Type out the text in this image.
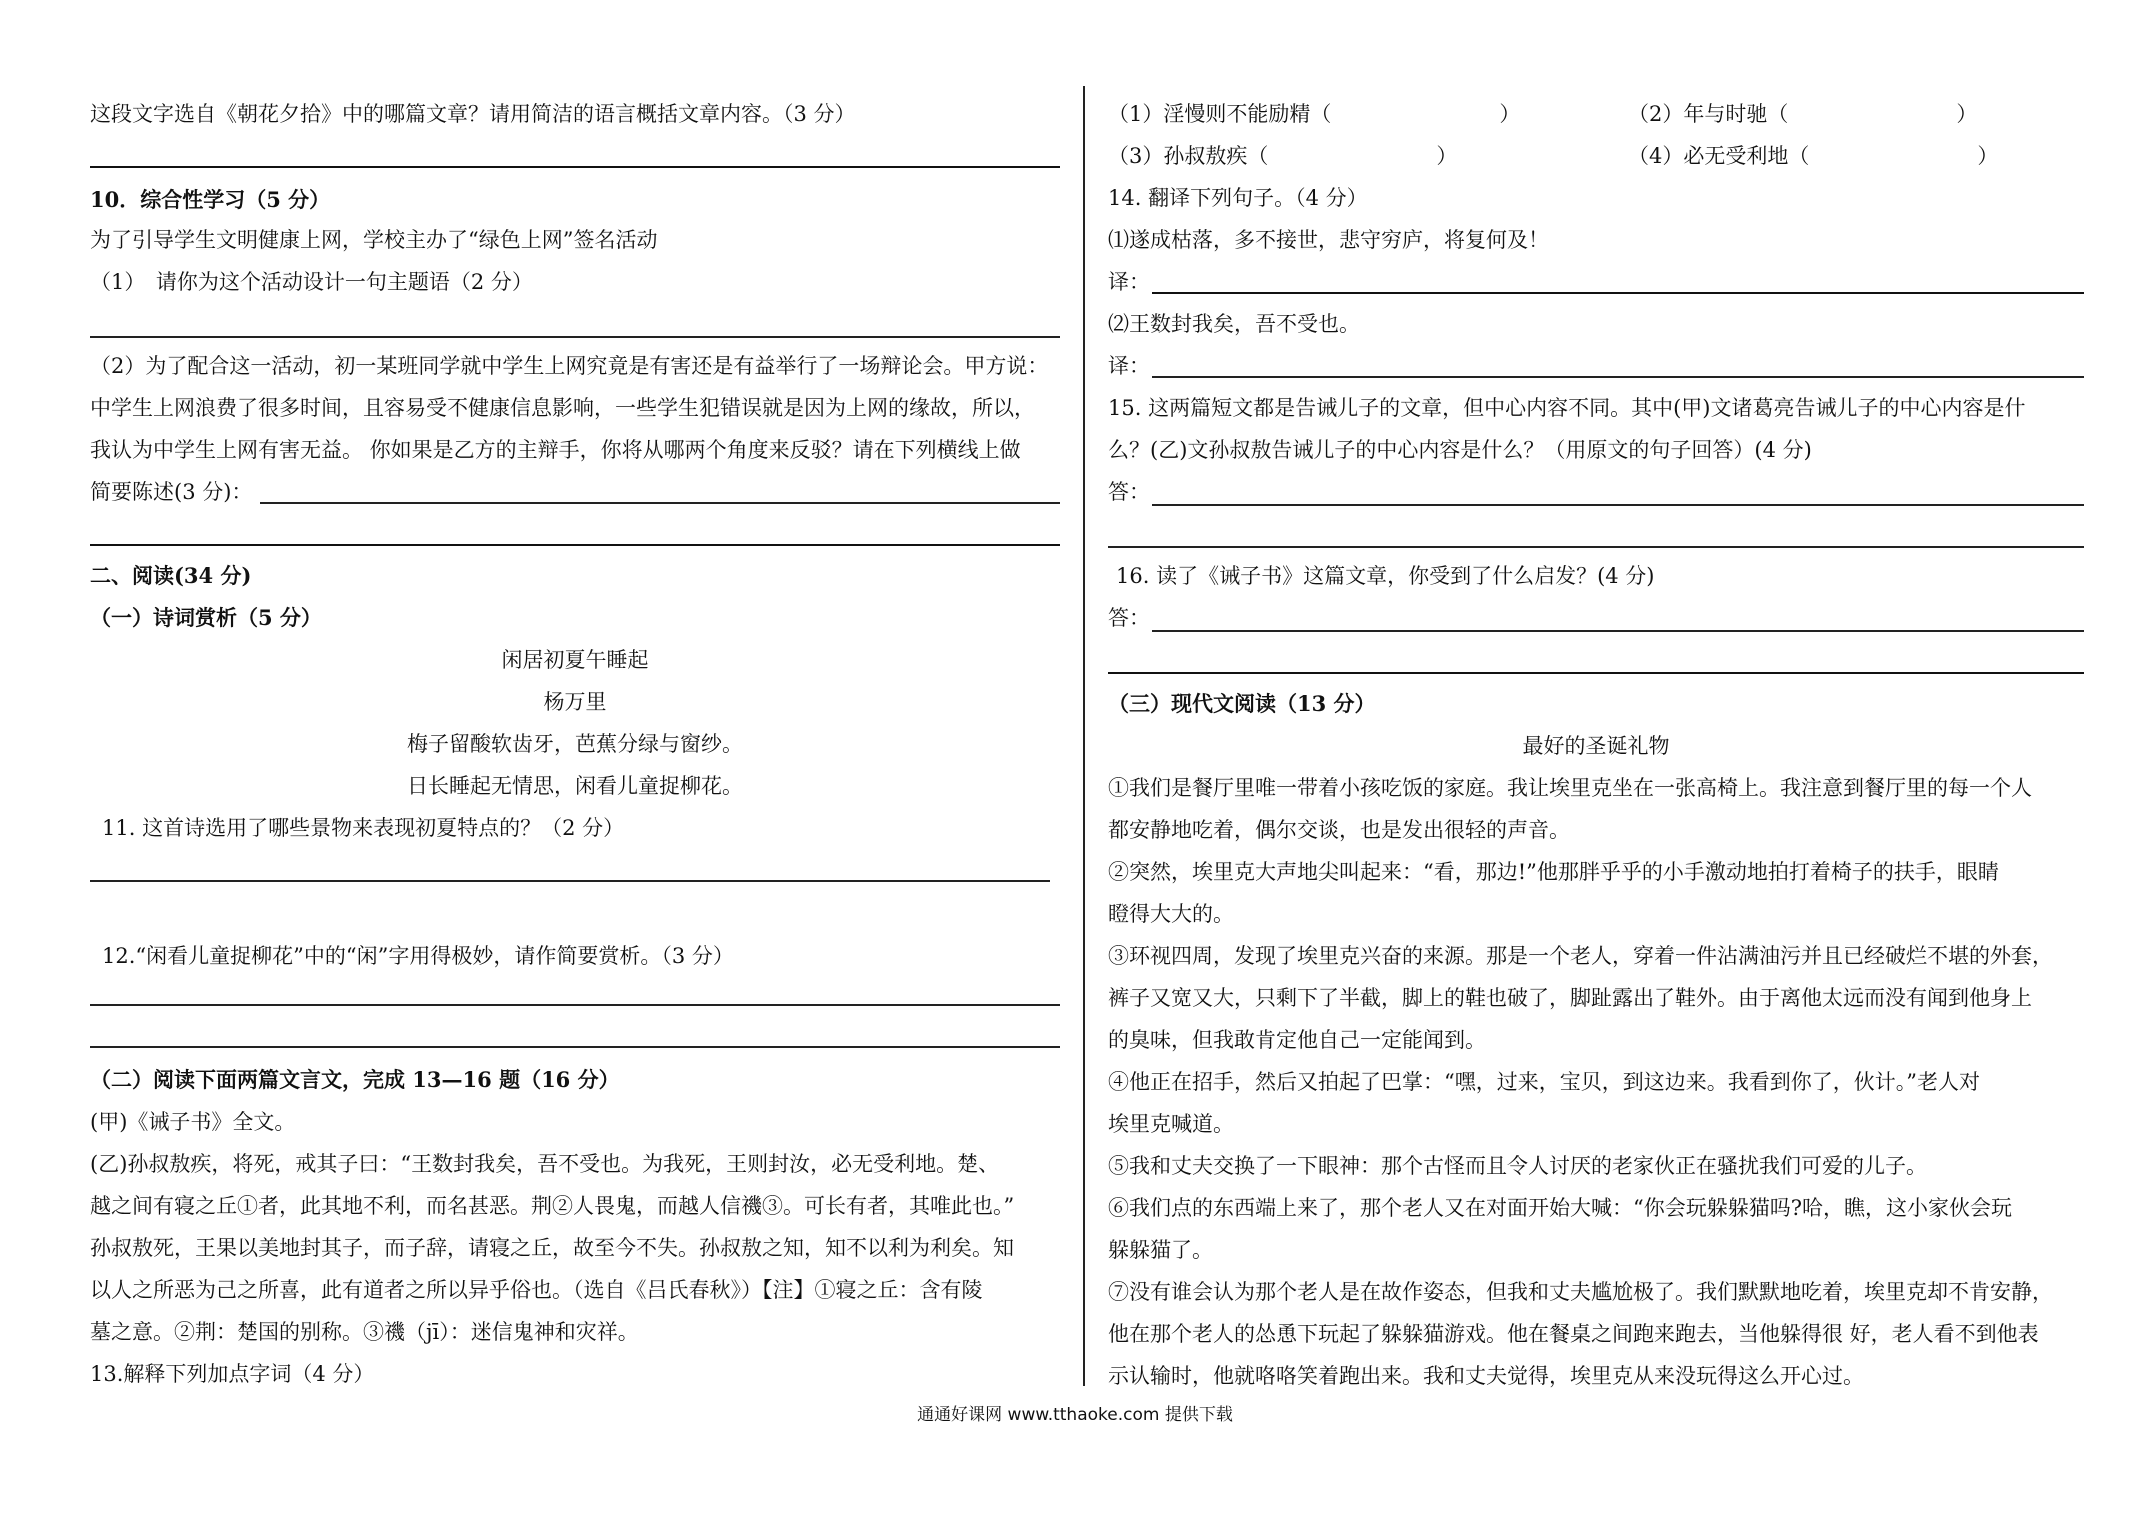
这段文字选自《朝花夕拾》中的哪篇文章？请用简洁的语言概括文章内容。（3 分）
10．综合性学习（5 分）
为了引导学生文明健康上网，学校主办了“绿色上网”签名活动
（1）　请你为这个活动设计一句主题语（2 分）
（2）为了配合这一活动，初一某班同学就中学生上网究竟是有害还是有益举行了一场辩论会。甲方说：
中学生上网浪费了很多时间，且容易受不健康信息影响，一些学生犯错误就是因为上网的缘故，所以，
我认为中学生上网有害无益。 你如果是乙方的主辩手，你将从哪两个角度来反驳？请在下列横线上做
简要陈述(3 分)：
二、阅读(34 分)
（一）诗词赏析（5 分）
闲居初夏午睡起
杨万里
梅子留酸软齿牙，芭蕉分绿与窗纱。
日长睡起无情思，闲看儿童捉柳花。
11. 这首诗选用了哪些景物来表现初夏特点的？（2 分）
12.“闲看儿童捉柳花”中的“闲”字用得极妙，请作简要赏析。（3 分）
（二）阅读下面两篇文言文，完成 13—16 题（16 分）
(甲)《诫子书》全文。
(乙)孙叔敖疾，将死，戒其子曰：“王数封我矣，吾不受也。为我死，王则封汝，必无受利地。楚、
越之间有寝之丘①者，此其地不利，而名甚恶。荆②人畏鬼，而越人信禨③。可长有者，其唯此也。”
孙叔敖死，王果以美地封其子，而子辞，请寝之丘，故至今不失。孙叔敖之知，知不以利为利矣。知
以人之所恶为己之所喜，此有道者之所以异乎俗也。（选自《吕氏春秋》）【注】①寝之丘：含有陵
墓之意。②荆：楚国的别称。③禨（jī）：迷信鬼神和灾祥。
13.解释下列加点字词（4 分）
（1）淫慢则不能励精（　　　　　　　　）	（2）年与时驰（　　　　　　　　）
（3）孙叔敖疾（　　　　　　　　）	（4）必无受利地（　　　　　　　　）
14. 翻译下列句子。（4 分）
⑴遂成枯落，多不接世，悲守穷庐，将复何及！
译：
⑵王数封我矣，吾不受也。
译：
15. 这两篇短文都是告诫儿子的文章，但中心内容不同。其中(甲)文诸葛亮告诫儿子的中心内容是什
么？(乙)文孙叔敖告诫儿子的中心内容是什么？（用原文的句子回答）(4 分)
答：
16. 读了《诫子书》这篇文章，你受到了什么启发？(4 分)
答：
（三）现代文阅读（13 分）
最好的圣诞礼物
①我们是餐厅里唯一带着小孩吃饭的家庭。我让埃里克坐在一张高椅上。我注意到餐厅里的每一个人
都安静地吃着，偶尔交谈，也是发出很轻的声音。
②突然，埃里克大声地尖叫起来：“看，那边!”他那胖乎乎的小手激动地拍打着椅子的扶手，眼睛
瞪得大大的。
③环视四周，发现了埃里克兴奋的来源。那是一个老人，穿着一件沾满油污并且已经破烂不堪的外套，
裤子又宽又大，只剩下了半截，脚上的鞋也破了，脚趾露出了鞋外。由于离他太远而没有闻到他身上
的臭味，但我敢肯定他自己一定能闻到。
④他正在招手，然后又拍起了巴掌：“嘿，过来，宝贝，到这边来。我看到你了，伙计。”老人对
埃里克喊道。
⑤我和丈夫交换了一下眼神：那个古怪而且令人讨厌的老家伙正在骚扰我们可爱的儿子。
⑥我们点的东西端上来了，那个老人又在对面开始大喊：“你会玩躲躲猫吗?哈，瞧，这小家伙会玩
躲躲猫了。
⑦没有谁会认为那个老人是在故作姿态，但我和丈夫尴尬极了。我们默默地吃着，埃里克却不肯安静，
他在那个老人的怂恿下玩起了躲躲猫游戏。他在餐桌之间跑来跑去，当他躲得很 好，老人看不到他表
示认输时，他就咯咯笑着跑出来。我和丈夫觉得，埃里克从来没玩得这么开心过。
通通好课网 www.tthaoke.com 提供下载
